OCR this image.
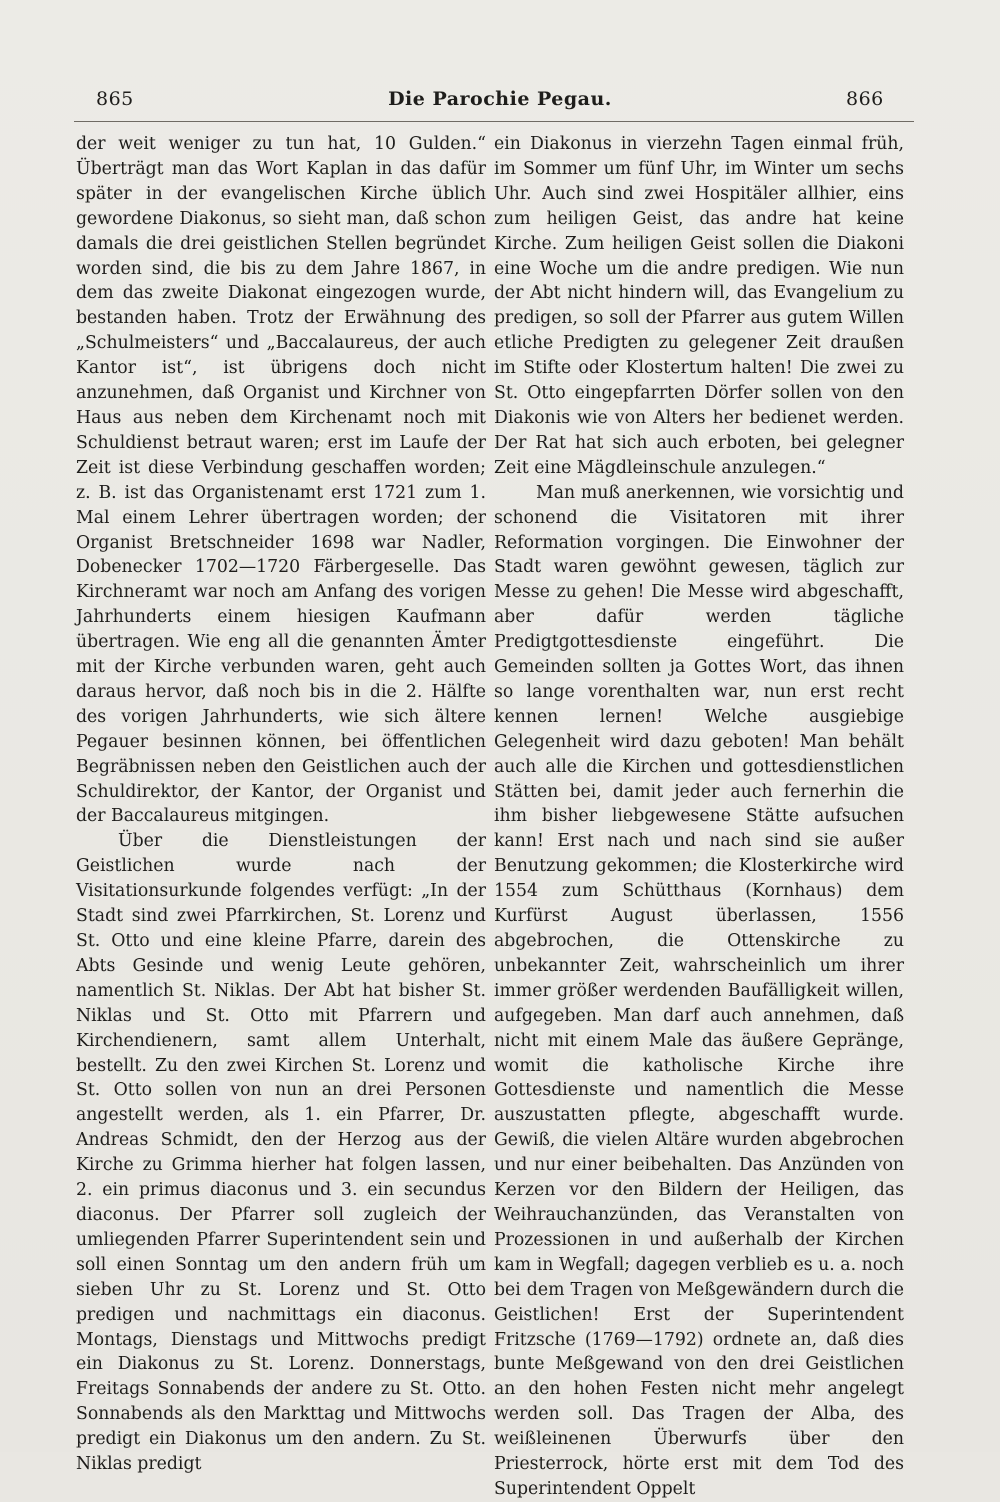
865	Die Parochie Pegau.	866

der weit weniger zu tun hat, 10 Gulden.“ Überträgt man das Wort Kaplan in das dafür später in der evangelischen Kirche üblich gewordene Diakonus, so sieht man, daß schon damals die drei geistlichen Stellen begründet worden sind, die bis zu dem Jahre 1867, in dem das zweite Diakonat eingezogen wurde, bestanden haben. Trotz der Erwähnung des „Schulmeisters“ und „Baccalaureus, der auch Kantor ist“, ist übrigens doch nicht anzunehmen, daß Organist und Kirchner von Haus aus neben dem Kirchenamt noch mit Schuldienst betraut waren; erst im Laufe der Zeit ist diese Verbindung geschaffen worden; z. B. ist das Organistenamt erst 1721 zum 1. Mal einem Lehrer übertragen worden; der Organist Bretschneider 1698 war Nadler, Dobenecker 1702—1720 Färbergeselle. Das Kirchneramt war noch am Anfang des vorigen Jahrhunderts einem hiesigen Kaufmann übertragen. Wie eng all die genannten Ämter mit der Kirche verbunden waren, geht auch daraus hervor, daß noch bis in die 2. Hälfte des vorigen Jahrhunderts, wie sich ältere Pegauer besinnen können, bei öffentlichen Begräbnissen neben den Geistlichen auch der Schuldirektor, der Kantor, der Organist und der Baccalaureus mitgingen.

Über die Dienstleistungen der Geistlichen wurde nach der Visitationsurkunde folgendes verfügt: „In der Stadt sind zwei Pfarrkirchen, St. Lorenz und St. Otto und eine kleine Pfarre, darein des Abts Gesinde und wenig Leute gehören, namentlich St. Niklas. Der Abt hat bisher St. Niklas und St. Otto mit Pfarrern und Kirchendienern, samt allem Unterhalt, bestellt. Zu den zwei Kirchen St. Lorenz und St. Otto sollen von nun an drei Personen angestellt werden, als 1. ein Pfarrer, Dr. Andreas Schmidt, den der Herzog aus der Kirche zu Grimma hierher hat folgen lassen, 2. ein primus diaconus und 3. ein secundus diaconus. Der Pfarrer soll zugleich der umliegenden Pfarrer Superintendent sein und soll einen Sonntag um den andern früh um sieben Uhr zu St. Lorenz und St. Otto predigen und nachmittags ein diaconus. Montags, Dienstags und Mittwochs predigt ein Diakonus zu St. Lorenz. Donnerstags, Freitags Sonnabends der andere zu St. Otto. Sonnabends als den Markttag und Mittwochs predigt ein Diakonus um den andern. Zu St. Niklas predigt

ein Diakonus in vierzehn Tagen einmal früh, im Sommer um fünf Uhr, im Winter um sechs Uhr. Auch sind zwei Hospitäler allhier, eins zum heiligen Geist, das andre hat keine Kirche. Zum heiligen Geist sollen die Diakoni eine Woche um die andre predigen. Wie nun der Abt nicht hindern will, das Evangelium zu predigen, so soll der Pfarrer aus gutem Willen etliche Predigten zu gelegener Zeit draußen im Stifte oder Klostertum halten! Die zwei zu St. Otto eingepfarrten Dörfer sollen von den Diakonis wie von Alters her bedienet werden. Der Rat hat sich auch erboten, bei gelegner Zeit eine Mägdleinschule anzulegen.“

Man muß anerkennen, wie vorsichtig und schonend die Visitatoren mit ihrer Reformation vorgingen. Die Einwohner der Stadt waren gewöhnt gewesen, täglich zur Messe zu gehen! Die Messe wird abgeschafft, aber dafür werden tägliche Predigtgottesdienste eingeführt. Die Gemeinden sollten ja Gottes Wort, das ihnen so lange vorenthalten war, nun erst recht kennen lernen! Welche ausgiebige Gelegenheit wird dazu geboten! Man behält auch alle die Kirchen und gottesdienstlichen Stätten bei, damit jeder auch fernerhin die ihm bisher liebgewesene Stätte aufsuchen kann! Erst nach und nach sind sie außer Benutzung gekommen; die Klosterkirche wird 1554 zum Schütthaus (Kornhaus) dem Kurfürst August überlassen, 1556 abgebrochen, die Ottenskirche zu unbekannter Zeit, wahrscheinlich um ihrer immer größer werdenden Baufälligkeit willen, aufgegeben. Man darf auch annehmen, daß nicht mit einem Male das äußere Gepränge, womit die katholische Kirche ihre Gottesdienste und namentlich die Messe auszustatten pflegte, abgeschafft wurde. Gewiß, die vielen Altäre wurden abgebrochen und nur einer beibehalten. Das Anzünden von Kerzen vor den Bildern der Heiligen, das Weihrauchanzünden, das Veranstalten von Prozessionen in und außerhalb der Kirchen kam in Wegfall; dagegen verblieb es u. a. noch bei dem Tragen von Meßgewändern durch die Geistlichen! Erst der Superintendent Fritzsche (1769—1792) ordnete an, daß dies bunte Meßgewand von den drei Geistlichen an den hohen Festen nicht mehr angelegt werden soll. Das Tragen der Alba, des weißleinenen Überwurfs über den Priesterrock, hörte erst mit dem Tod des Superintendent Oppelt
